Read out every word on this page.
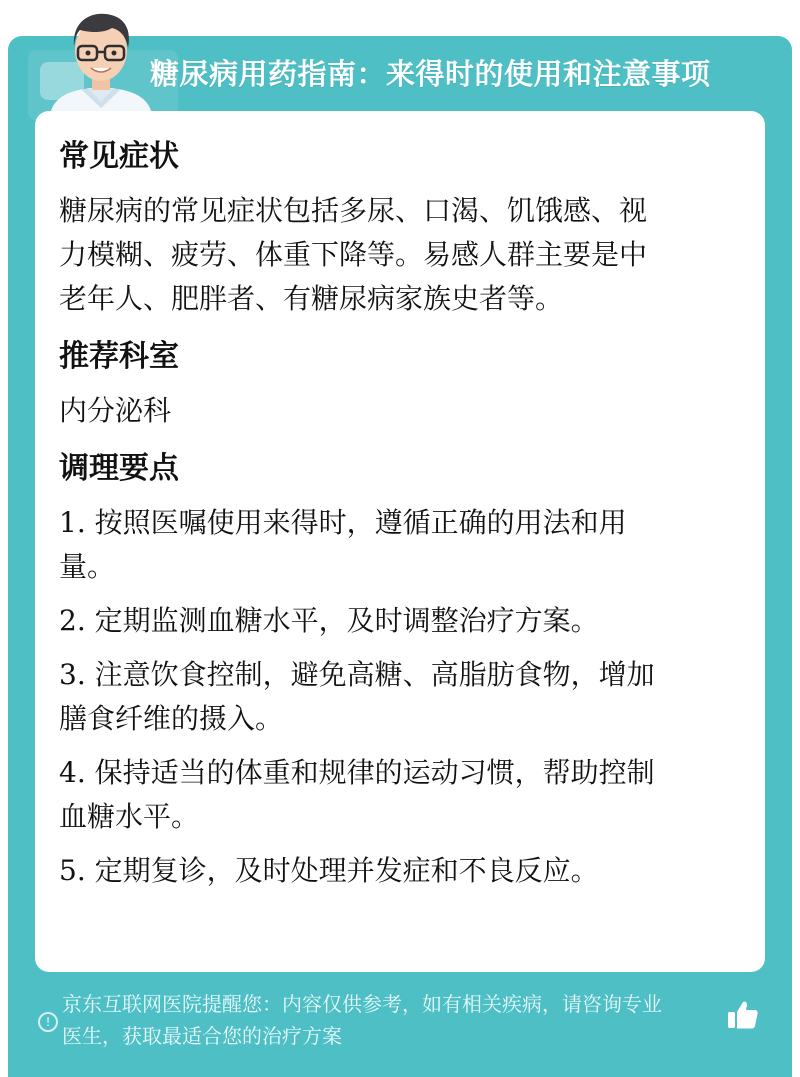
糖尿病用药指南：来得时的使用和注意事项
常见症状
糖尿病的常见症状包括多尿、口渴、饥饿感、视
力模糊、疲劳、体重下降等。易感人群主要是中
老年人、肥胖者、有糖尿病家族史者等。
推荐科室
内分泌科
调理要点
1. 按照医嘱使用来得时，遵循正确的用法和用
量。
2. 定期监测血糖水平，及时调整治疗方案。
3. 注意饮食控制，避免高糖、高脂肪食物，增加
膳食纤维的摄入。
4. 保持适当的体重和规律的运动习惯，帮助控制
血糖水平。
5. 定期复诊，及时处理并发症和不良反应。
!
京东互联网医院提醒您：内容仅供参考，如有相关疾病，请咨询专业
医生，获取最适合您的治疗方案
